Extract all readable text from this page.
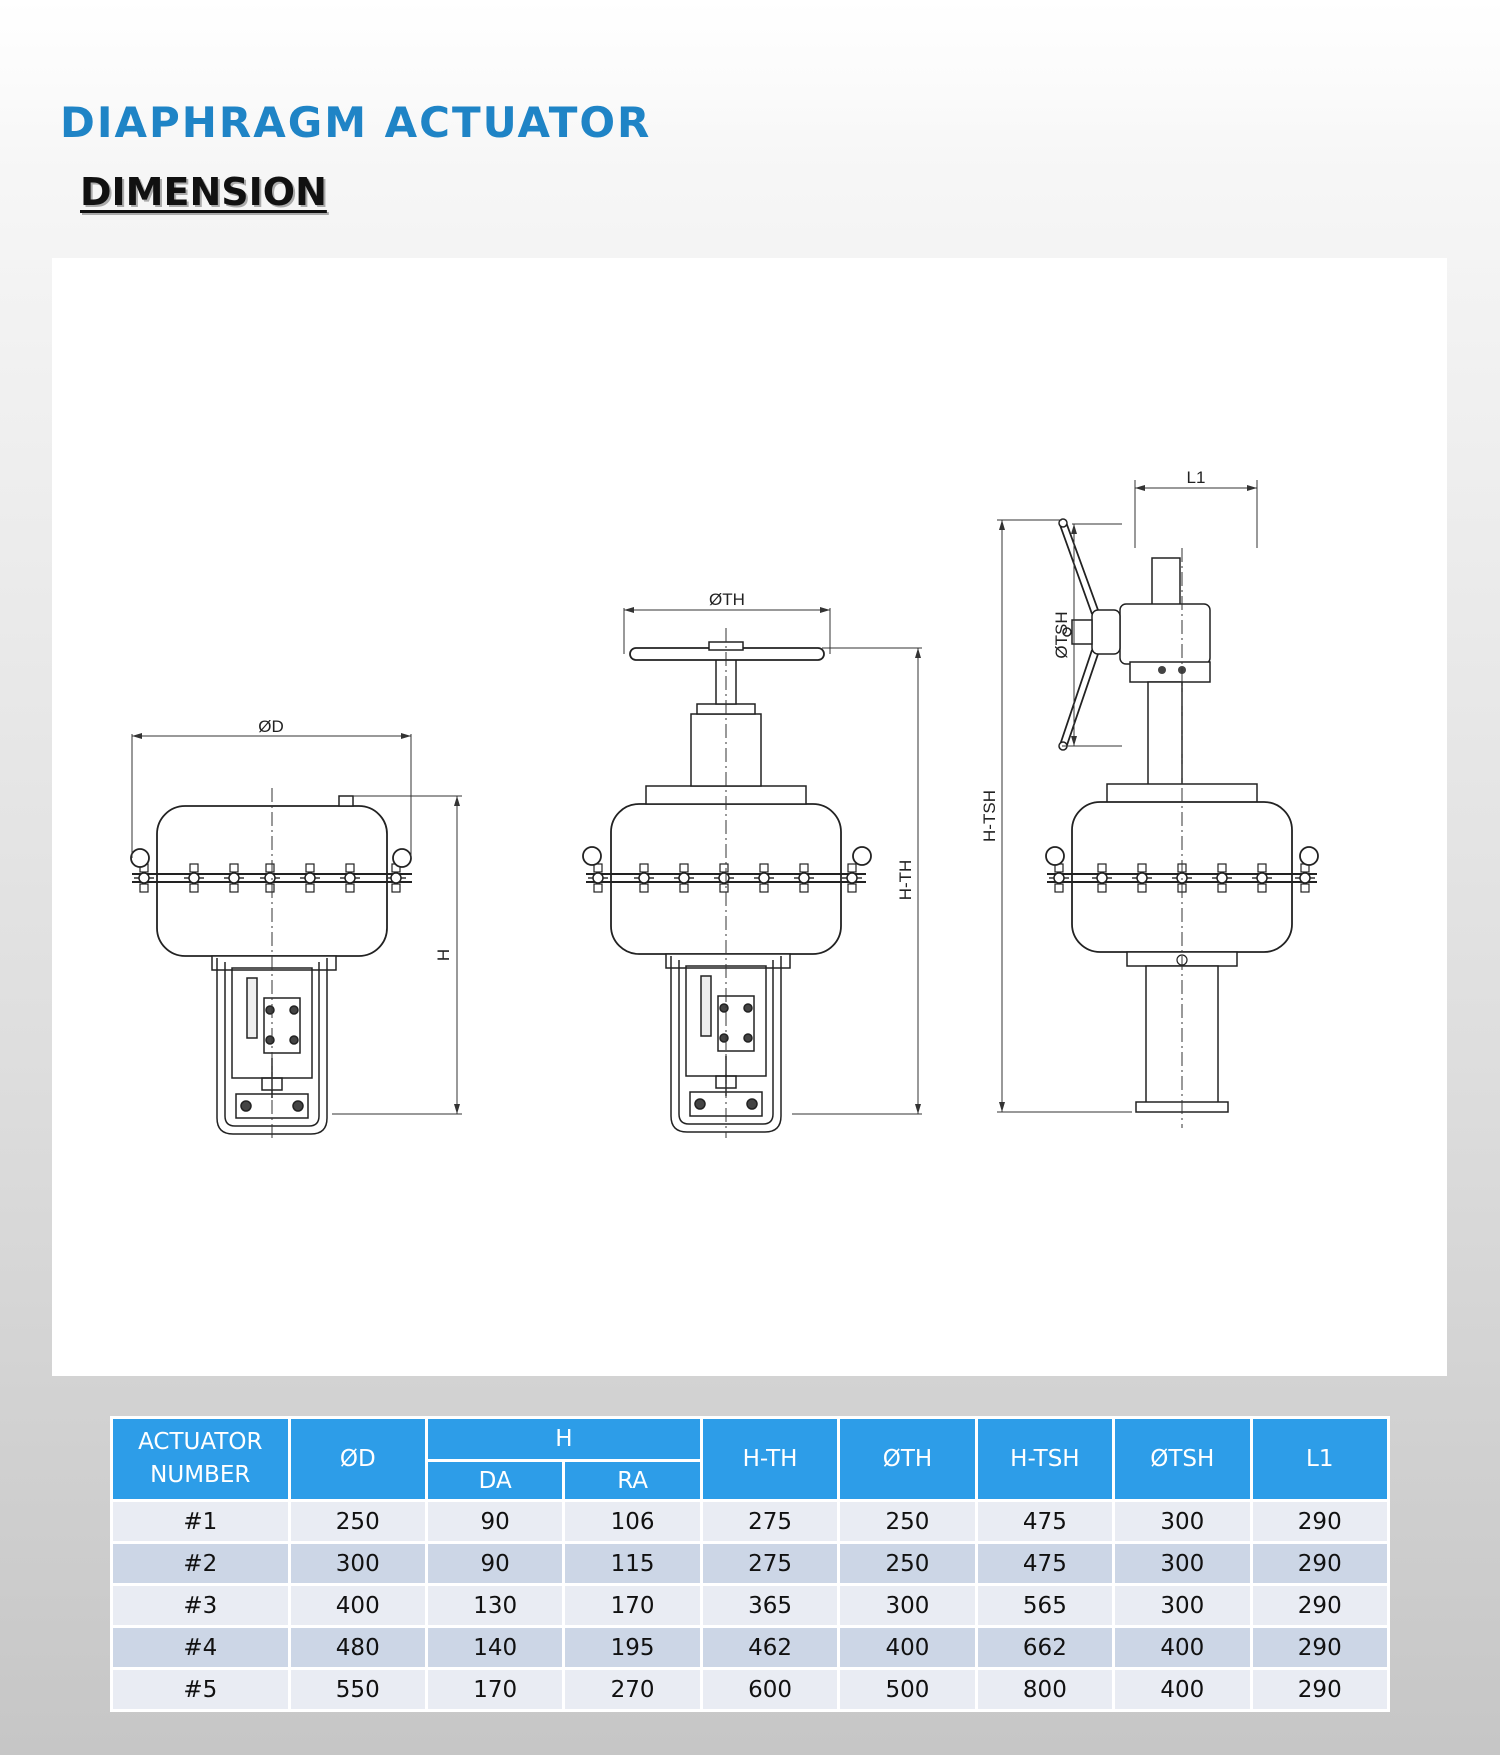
DIAPHRAGM ACTUATOR
DIMENSION
ØD
H
ØTH
H-TH
L1
ØTSH
H-TSH
ACTUATOR
NUMBER	ØD	H		H-TH	ØTH	H-TSH	ØTSH	L1
		DA	RA					
#1	250	90	106	275	250	475	300	290
#2	300	90	115	275	250	475	300	290
#3	400	130	170	365	300	565	300	290
#4	480	140	195	462	400	662	400	290
#5	550	170	270	600	500	800	400	290
